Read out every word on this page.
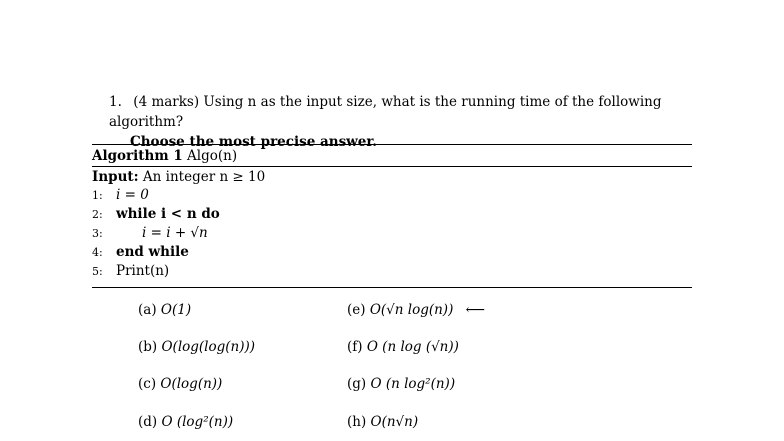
1. (4 marks) Using n as the input size, what is the running time of the following algorithm?
Choose the most precise answer.
Algorithm 1 Algo(n)
Input: An integer n ≥ 10
1: i = 0
2: while i < n do
3:	i = i + √n
4: end while
5: Print(n)
(a) O(1)
(b) O(log(log(n)))
(c) O(log(n))
(d) O (log²(n))
(e) O(√n log(n)) ⟵
(f) O (n log (√n))
(g) O (n log²(n))
(h) O(n√n)
